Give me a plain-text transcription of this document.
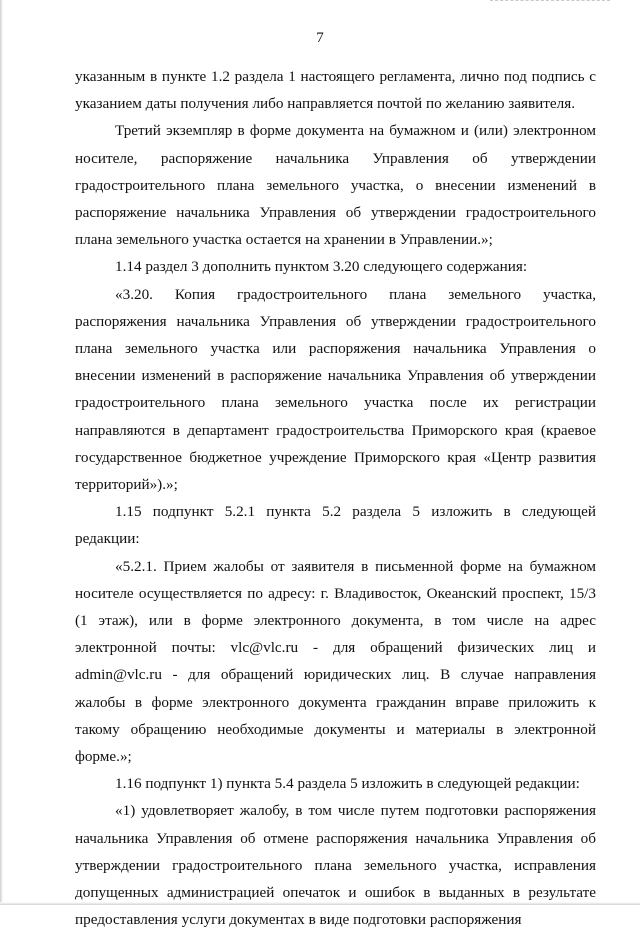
7

указанным в пункте 1.2 раздела 1 настоящего регламента, лично под подпись с указанием даты получения либо направляется почтой по желанию заявителя.

Третий экземпляр в форме документа на бумажном и (или) электронном носителе, распоряжение начальника Управления об утверждении градостроительного плана земельного участка, о внесении изменений в распоряжение начальника Управления об утверждении градостроительного плана земельного участка остается на хранении в Управлении.»;

1.14 раздел 3 дополнить пунктом 3.20 следующего содержания:

«3.20. Копия градостроительного плана земельного участка, распоряжения начальника Управления об утверждении градостроительного плана земельного участка или распоряжения начальника Управления о внесении изменений в распоряжение начальника Управления об утверждении градостроительного плана земельного участка после их регистрации направляются в департамент градостроительства Приморского края (краевое государственное бюджетное учреждение Приморского края «Центр развития территорий»).»;

1.15 подпункт 5.2.1 пункта 5.2 раздела 5 изложить в следующей редакции:

«5.2.1. Прием жалобы от заявителя в письменной форме на бумажном носителе осуществляется по адресу: г. Владивосток, Океанский проспект, 15/3 (1 этаж), или в форме электронного документа, в том числе на адрес электронной почты: vlc@vlc.ru - для обращений физических лиц и admin@vlc.ru - для обращений юридических лиц. В случае направления жалобы в форме электронного документа гражданин вправе приложить к такому обращению необходимые документы и материалы в электронной форме.»;

1.16 подпункт 1) пункта 5.4 раздела 5 изложить в следующей редакции:

«1) удовлетворяет жалобу, в том числе путем подготовки распоряжения начальника Управления об отмене распоряжения начальника Управления об утверждении градостроительного плана земельного участка, исправления допущенных администрацией опечаток и ошибок в выданных в результате предоставления услуги документах в виде подготовки распоряжения
